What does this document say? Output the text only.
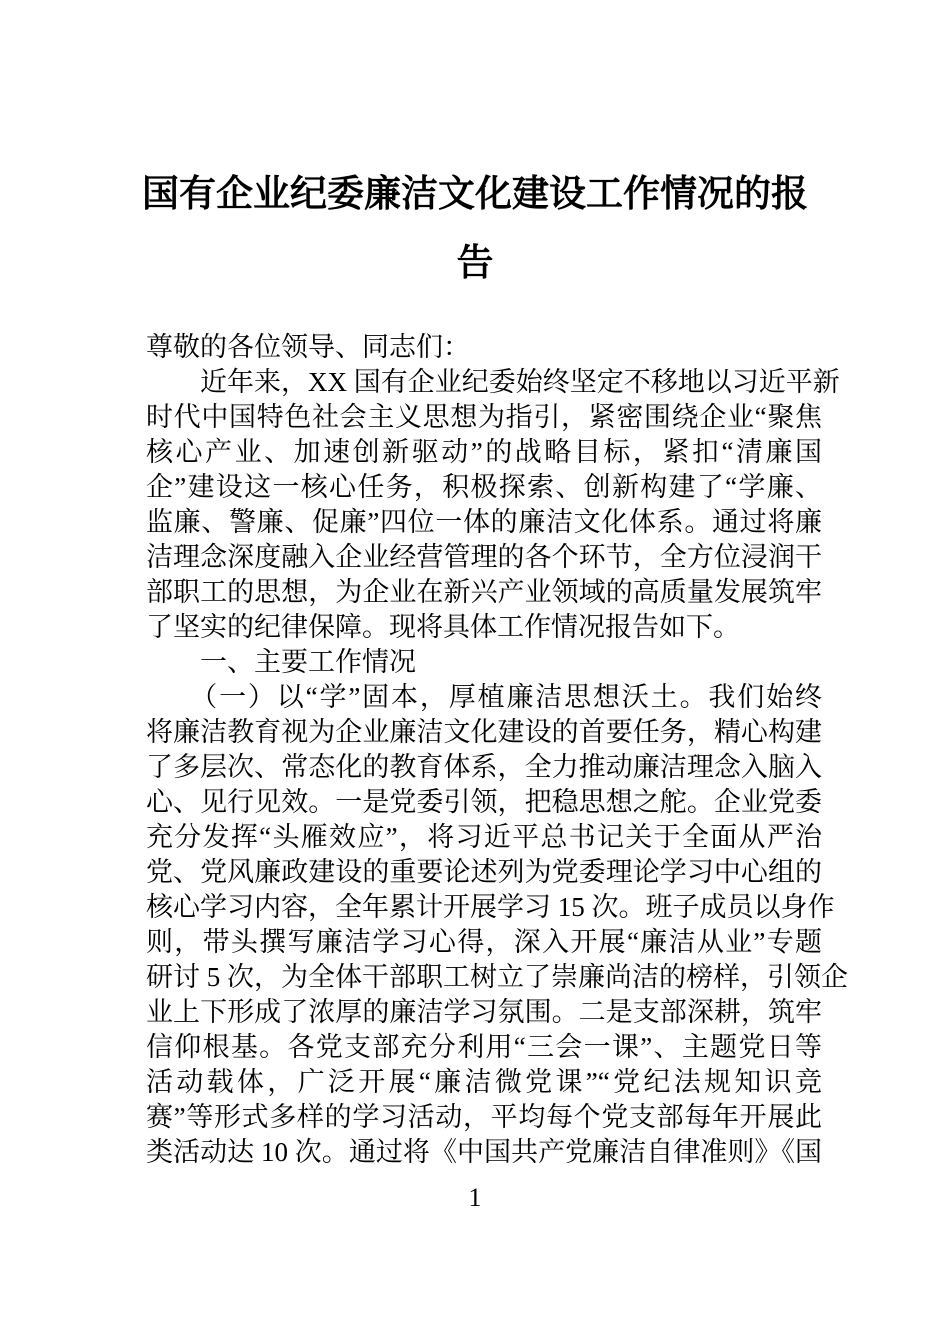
国有企业纪委廉洁文化建设工作情况的报告
尊敬的各位领导、同志们：
　　近年来，XX 国有企业纪委始终坚定不移地以习近平新
时代中国特色社会主义思想为指引，紧密围绕企业“聚焦
核心产业、加速创新驱动”的战略目标，紧扣“清廉国
企”建设这一核心任务，积极探索、创新构建了“学廉、
监廉、警廉、促廉”四位一体的廉洁文化体系。通过将廉
洁理念深度融入企业经营管理的各个环节，全方位浸润干
部职工的思想，为企业在新兴产业领域的高质量发展筑牢
了坚实的纪律保障。现将具体工作情况报告如下。
　　一、主要工作情况
　　（一）以“学”固本，厚植廉洁思想沃土。我们始终
将廉洁教育视为企业廉洁文化建设的首要任务，精心构建
了多层次、常态化的教育体系，全力推动廉洁理念入脑入
心、见行见效。一是党委引领，把稳思想之舵。企业党委
充分发挥“头雁效应”，将习近平总书记关于全面从严治
党、党风廉政建设的重要论述列为党委理论学习中心组的
核心学习内容，全年累计开展学习 15 次。班子成员以身作
则，带头撰写廉洁学习心得，深入开展“廉洁从业”专题
研讨 5 次，为全体干部职工树立了崇廉尚洁的榜样，引领企
业上下形成了浓厚的廉洁学习氛围。二是支部深耕，筑牢
信仰根基。各党支部充分利用“三会一课”、主题党日等
活动载体，广泛开展“廉洁微党课”“党纪法规知识竞
赛”等形式多样的学习活动，平均每个党支部每年开展此
类活动达 10 次。通过将《中国共产党廉洁自律准则》《国
1
